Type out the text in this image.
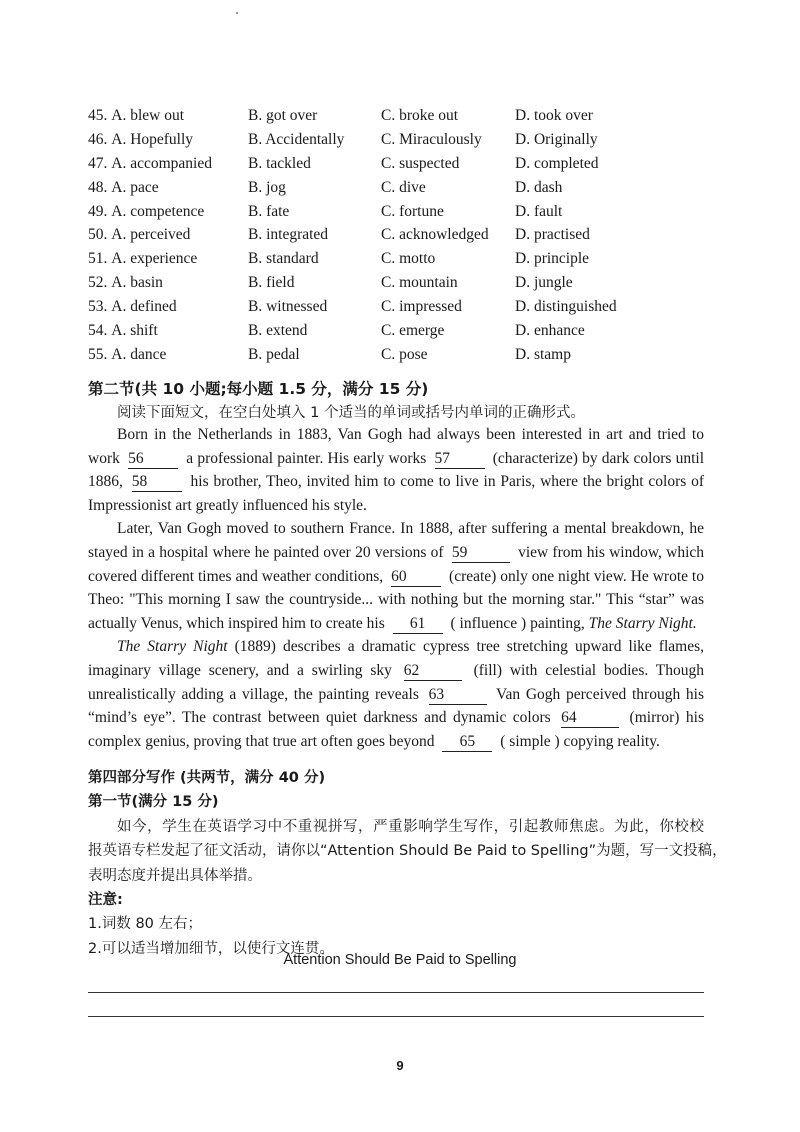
45. A. blew out	B. got over	C. broke out	D. took over
46. A. Hopefully	B. Accidentally	C. Miraculously	D. Originally
47. A. accompanied	B. tackled	C. suspected	D. completed
48. A. pace	B. jog	C. dive	D. dash
49. A. competence	B. fate	C. fortune	D. fault
50. A. perceived	B. integrated	C. acknowledged	D. practised
51. A. experience	B. standard	C. motto	D. principle
52. A. basin	B. field	C. mountain	D. jungle
53. A. defined	B. witnessed	C. impressed	D. distinguished
54. A. shift	B. extend	C. emerge	D. enhance
55. A. dance	B. pedal	C. pose	D. stamp
第二节(共 10 小题;每小题 1.5 分，满分 15 分)
阅读下面短文，在空白处填入 1 个适当的单词或括号内单词的正确形式。
Born in the Netherlands in 1883, Van Gogh had always been interested in art and tried to
work 56	a professional painter. His early works 57	(characterize) by dark colors until
1886, 58	his brother, Theo, invited him to come to live in Paris, where the bright colors of
Impressionist art greatly influenced his style.
Later, Van Gogh moved to southern France. In 1888, after suffering a mental breakdown, he
stayed in a hospital where he painted over 20 versions of 59	view from his window, which
covered different times and weather conditions, 60	(create) only one night view. He wrote to
Theo: "This morning I saw the countryside... with nothing but the morning star." This “star” was
actually Venus, which inspired him to create his 61 ( influence ) painting, The Starry Night.
The Starry Night (1889) describes a dramatic cypress tree stretching upward like flames,
imaginary village scenery, and a swirling sky 62	(fill) with celestial bodies. Though
unrealistically adding a village, the painting reveals 63	Van Gogh perceived through his
“mind’s eye”. The contrast between quiet darkness and dynamic colors 64	(mirror) his
complex genius, proving that true art often goes beyond 65 ( simple ) copying reality.
第四部分写作 (共两节，满分 40 分)
第一节(满分 15 分)
如今，学生在英语学习中不重视拼写，严重影响学生写作，引起教师焦虑。为此，你校校
报英语专栏发起了征文活动，请你以“Attention Should Be Paid to Spelling”为题，写一文投稿，
表明态度并提出具体举措。
注意:
1.词数 80 左右；
2.可以适当增加细节，以使行文连贯。
Attention Should Be Paid to Spelling
9
